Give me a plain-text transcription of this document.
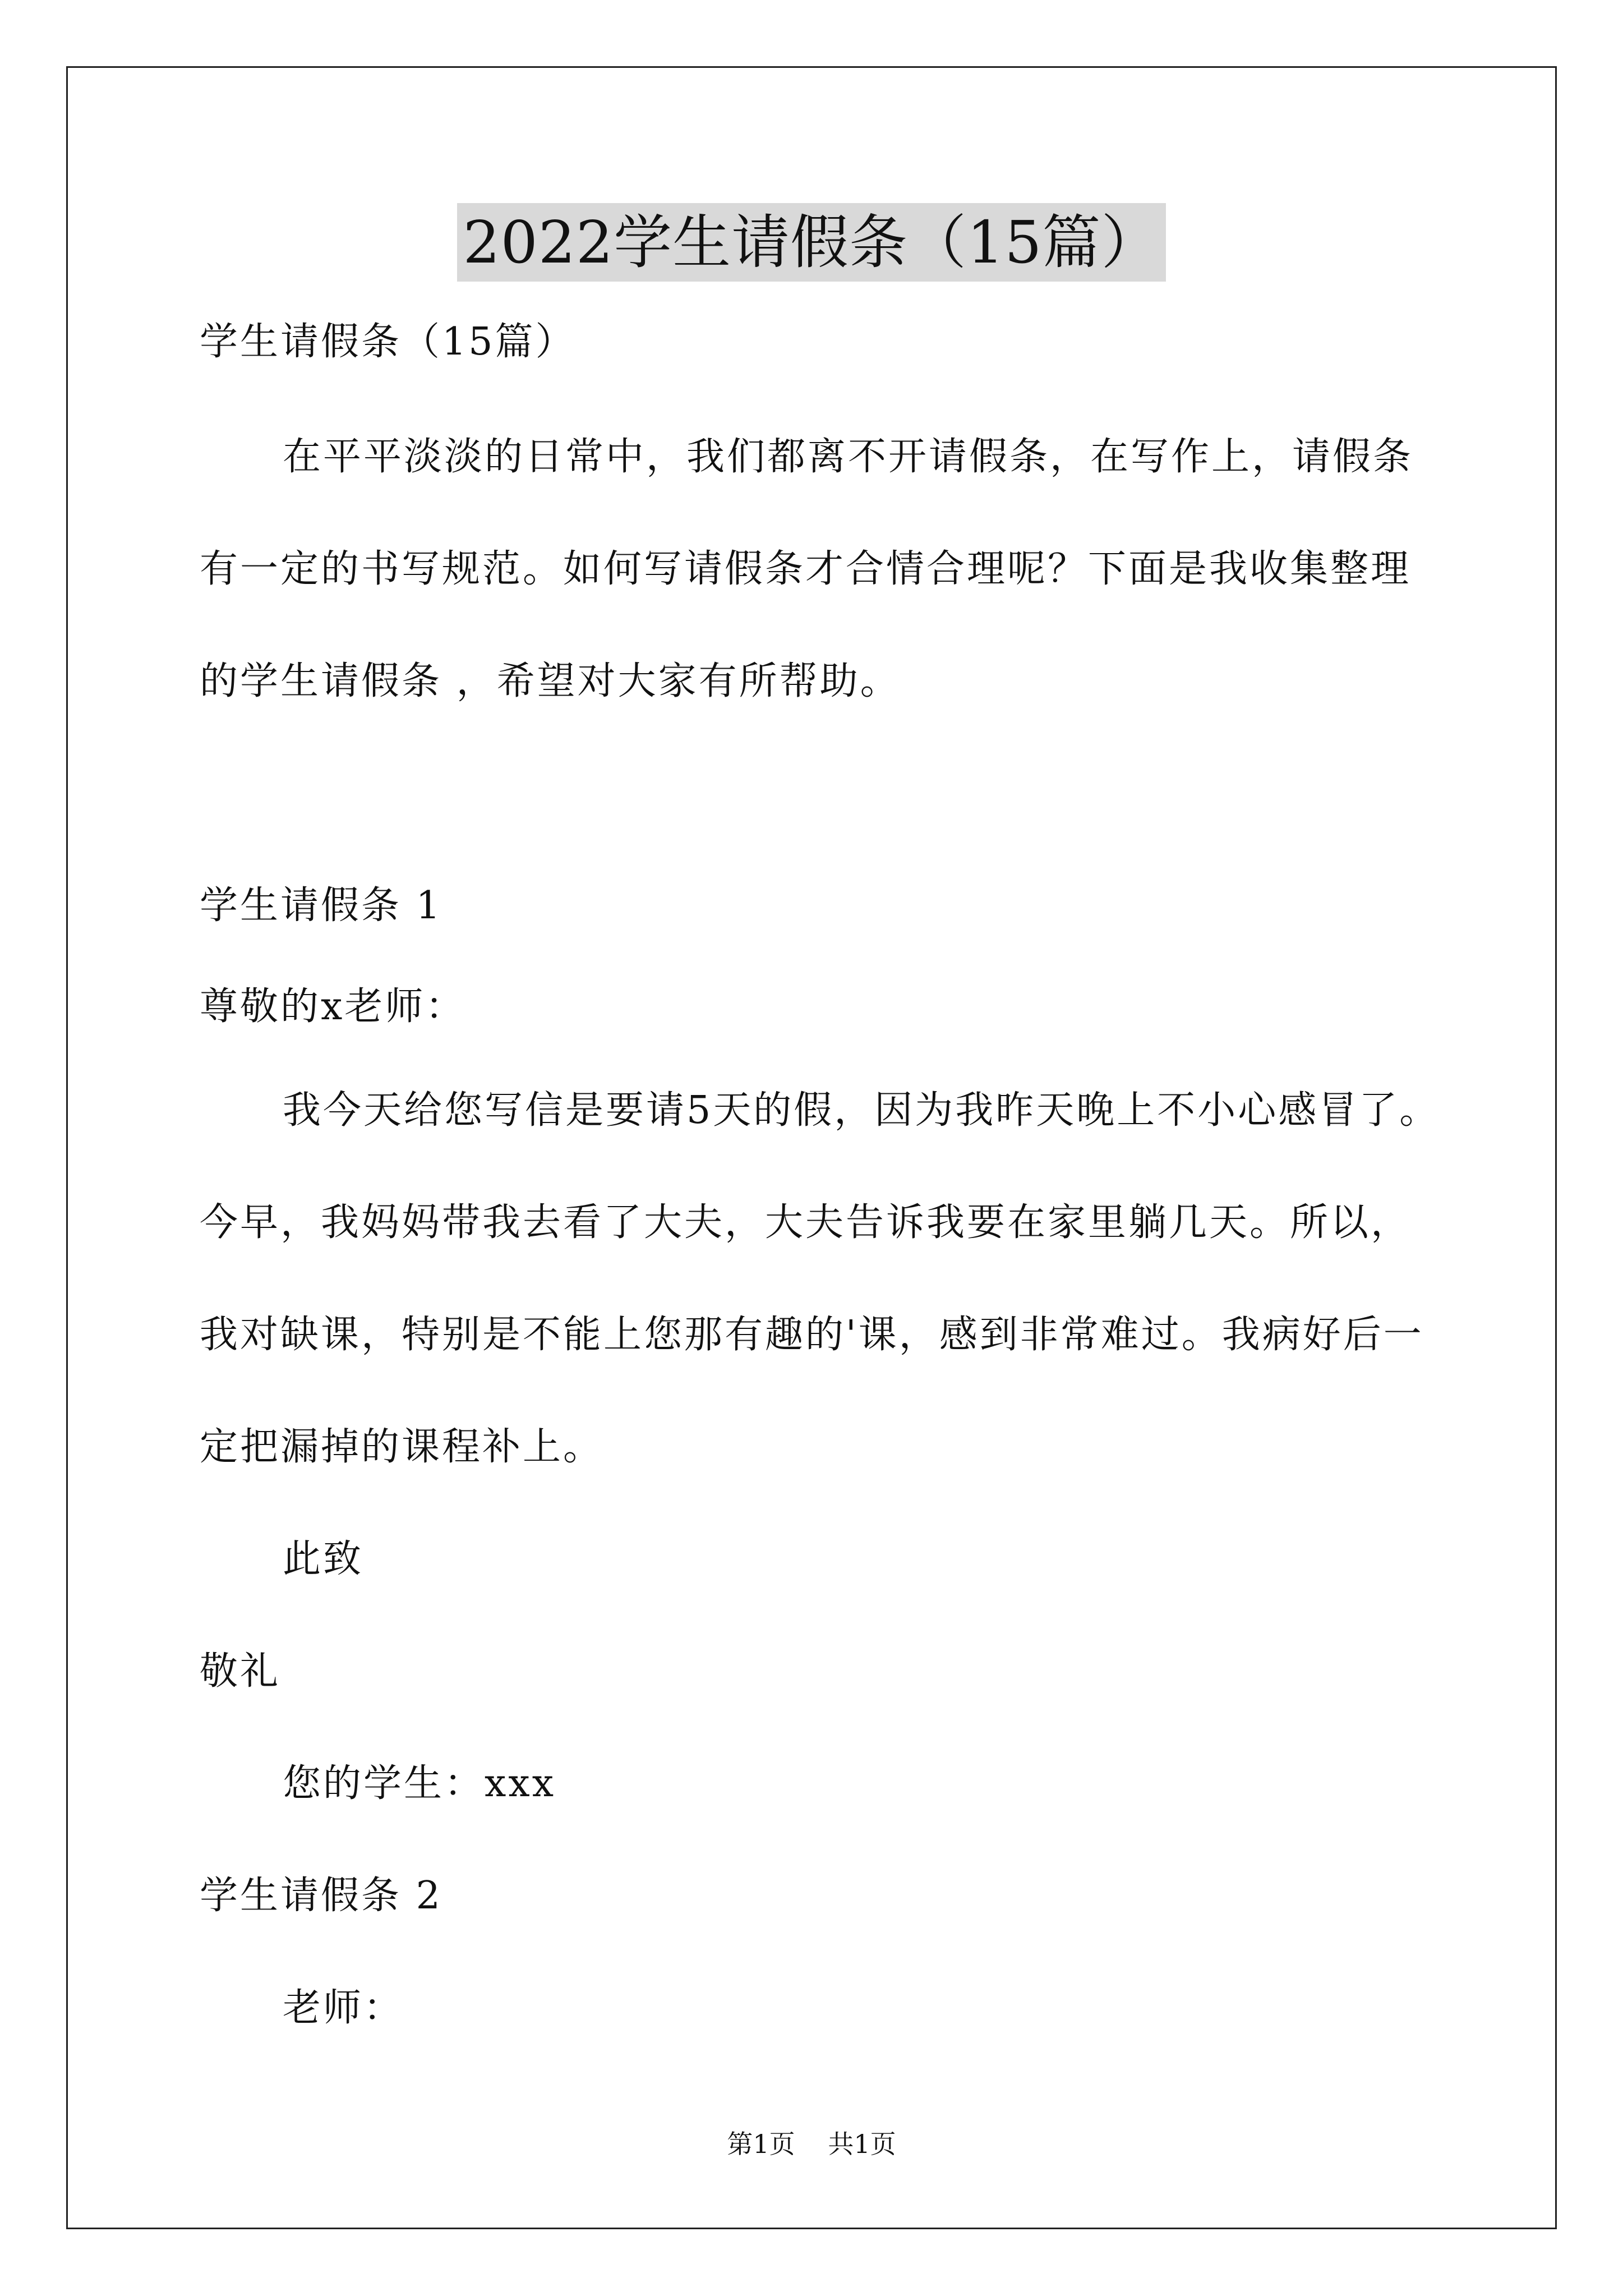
2022学生请假条（15篇）
学生请假条（15篇）
在平平淡淡的日常中，我们都离不开请假条，在写作上，请假条
有一定的书写规范。如何写请假条才合情合理呢？下面是我收集整理
的学生请假条 ，希望对大家有所帮助。
学生请假条 1
尊敬的x老师：
我今天给您写信是要请5天的假，因为我昨天晚上不小心感冒了。
今早，我妈妈带我去看了大夫，大夫告诉我要在家里躺几天。所以，
我对缺课，特别是不能上您那有趣的'课，感到非常难过。我病好后一
定把漏掉的课程补上。
此致
敬礼
您的学生：xxx
学生请假条 2
老师：
第1页 共1页
